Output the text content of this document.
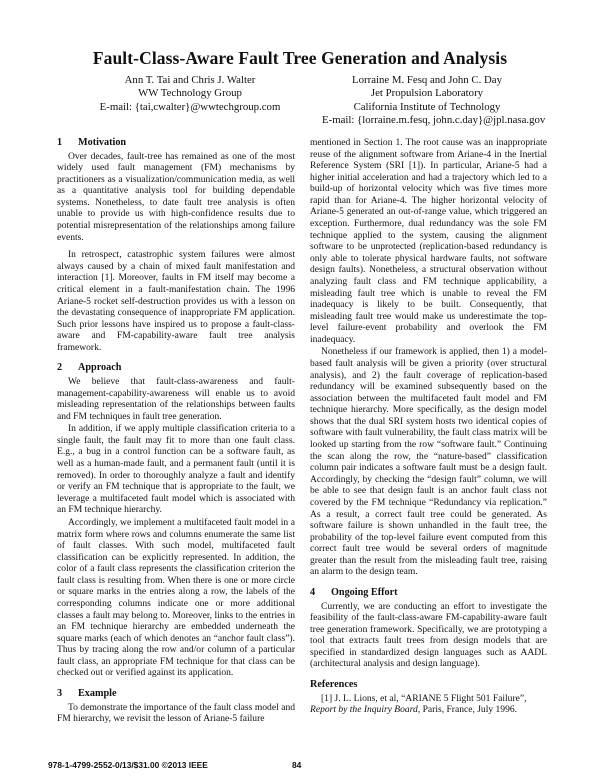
Fault-Class-Aware Fault Tree Generation and Analysis
Ann T. Tai and Chris J. Walter
WW Technology Group
E-mail: {tai,cwalter}@wwtechgroup.com
Lorraine M. Fesq and John C. Day
Jet Propulsion Laboratory
California Institute of Technology
E-mail: {lorraine.m.fesq, john.c.day}@jpl.nasa.gov
1 Motivation

Over decades, fault-tree has remained as one of the most widely used fault management (FM) mechanisms by practitioners as a visualization/communication media, as well as a quantitative analysis tool for building dependable systems. Nonetheless, to date fault tree analysis is often unable to provide us with high-confidence results due to potential misrepresentation of the relationships among failure events.

In retrospect, catastrophic system failures were almost always caused by a chain of mixed fault manifestation and interaction [1]. Moreover, faults in FM itself may become a critical element in a fault-manifestation chain. The 1996 Ariane-5 rocket self-destruction provides us with a lesson on the devastating consequence of inappropriate FM application. Such prior lessons have inspired us to propose a fault-class-aware and FM-capability-aware fault tree analysis framework.

2 Approach

We believe that fault-class-awareness and fault-management-capability-awareness will enable us to avoid misleading representation of the relationships between faults and FM techniques in fault tree generation.

In addition, if we apply multiple classification criteria to a single fault, the fault may fit to more than one fault class. E.g., a bug in a control function can be a software fault, as well as a human-made fault, and a permanent fault (until it is removed). In order to thoroughly analyze a fault and identify or verify an FM technique that is appropriate to the fault, we leverage a multifaceted fault model which is associated with an FM technique hierarchy.

Accordingly, we implement a multifaceted fault model in a matrix form where rows and columns enumerate the same list of fault classes. With such model, multifaceted fault classification can be explicitly represented. In addition, the color of a fault class represents the classification criterion the fault class is resulting from. When there is one or more circle or square marks in the entries along a row, the labels of the corresponding columns indicate one or more additional classes a fault may belong to. Moreover, links to the entries in an FM technique hierarchy are embedded underneath the square marks (each of which denotes an “anchor fault class”). Thus by tracing along the row and/or column of a particular fault class, an appropriate FM technique for that class can be checked out or verified against its application.

3 Example

To demonstrate the importance of the fault class model and FM hierarchy, we revisit the lesson of Ariane-5 failure

mentioned in Section 1. The root cause was an inappropriate reuse of the alignment software from Ariane-4 in the Inertial Reference System (SRI [1]). In particular, Ariane-5 had a higher initial acceleration and had a trajectory which led to a build-up of horizontal velocity which was five times more rapid than for Ariane-4. The higher horizontal velocity of Ariane-5 generated an out-of-range value, which triggered an exception. Furthermore, dual redundancy was the sole FM technique applied to the system, causing the alignment software to be unprotected (replication-based redundancy is only able to tolerate physical hardware faults, not software design faults). Nonetheless, a structural observation without analyzing fault class and FM technique applicability, a misleading fault tree which is unable to reveal the FM inadequacy is likely to be built. Consequently, that misleading fault tree would make us underestimate the top-level failure-event probability and overlook the FM inadequacy.

Nonetheless if our framework is applied, then 1) a model-based fault analysis will be given a priority (over structural analysis), and 2) the fault coverage of replication-based redundancy will be examined subsequently based on the association between the multifaceted fault model and FM technique hierarchy. More specifically, as the design model shows that the dual SRI system hosts two identical copies of software with fault vulnerability, the fault class matrix will be looked up starting from the row “software fault.” Continuing the scan along the row, the “nature-based” classification column pair indicates a software fault must be a design fault. Accordingly, by checking the “design fault” column, we will be able to see that design fault is an anchor fault class not covered by the FM technique “Redundancy via replication.” As a result, a correct fault tree could be generated. As software failure is shown unhandled in the fault tree, the probability of the top-level failure event computed from this correct fault tree would be several orders of magnitude greater than the result from the misleading fault tree, raising an alarm to the design team.

4 Ongoing Effort

Currently, we are conducting an effort to investigate the feasibility of the fault-class-aware FM-capability-aware fault tree generation framework. Specifically, we are prototyping a tool that extracts fault trees from design models that are specified in standardized design languages such as AADL (architectural analysis and design language).

References

[1] J. L. Lions, et al, “ARIANE 5 Flight 501 Failure”, Report by the Inquiry Board, Paris, France, July 1996.

978-1-4799-2552-0/13/$31.00 ©2013 IEEE	84
